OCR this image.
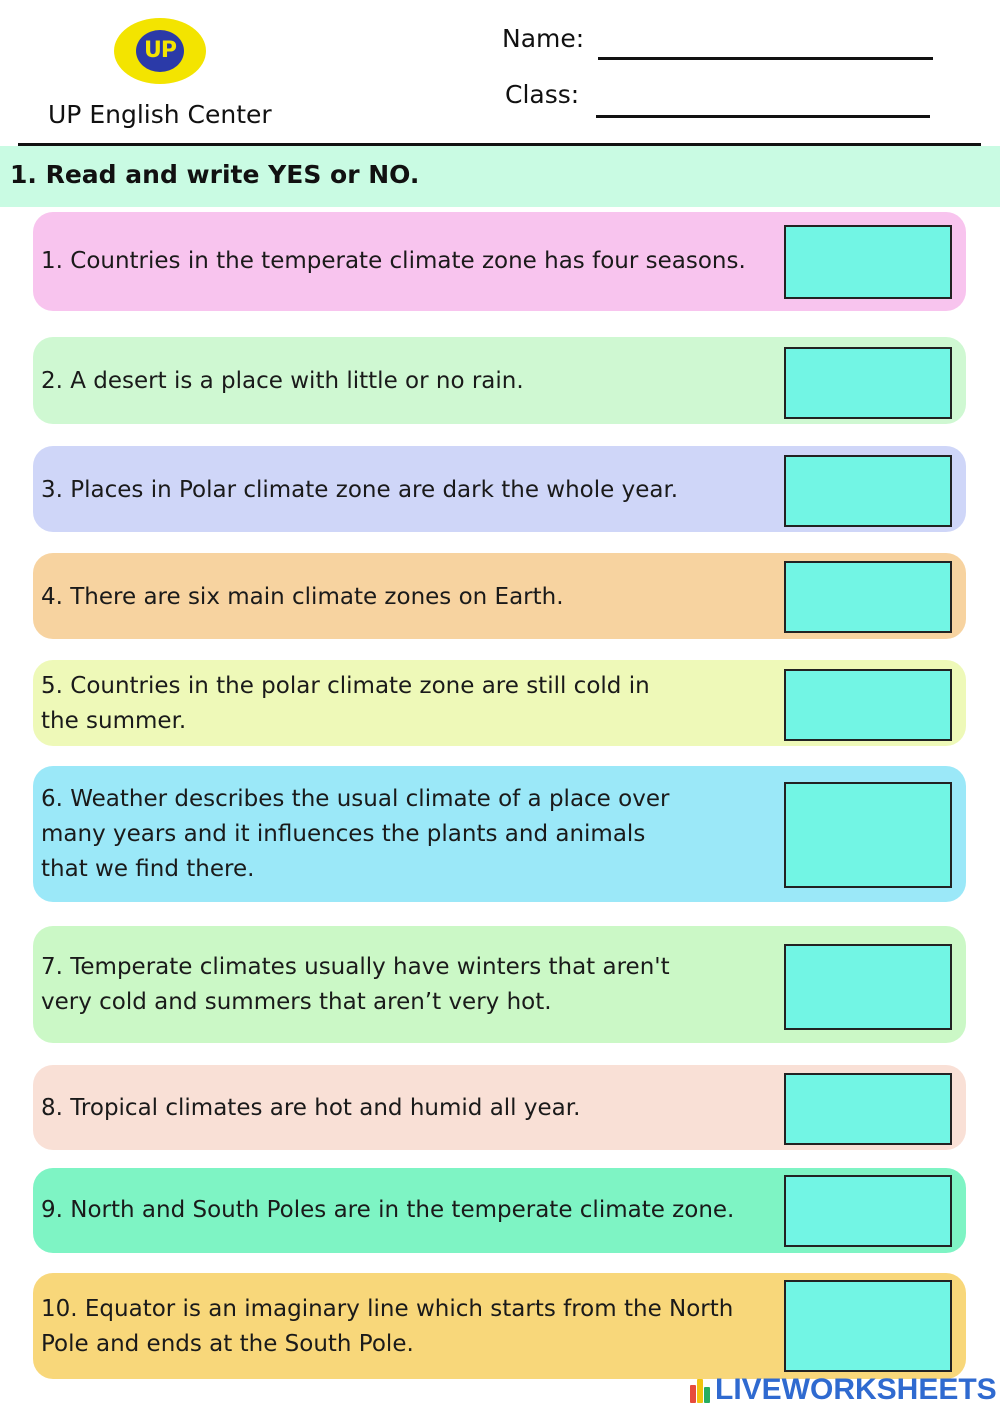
UP
UP English Center
Name:
Class:
1. Read and write YES or NO.
1. Countries in the temperate climate zone has four seasons.
2. A desert is a place with little or no rain.
3. Places in Polar climate zone are dark the whole year.
4. There are six main climate zones on Earth.
5. Countries in the polar climate zone are still cold in
the summer.
6. Weather describes the usual climate of a place over
many years and it influences the plants and animals
that we find there.
7. Temperate climates usually have winters that aren't
very cold and summers that aren’t very hot.
8. Tropical climates are hot and humid all year.
9. North and South Poles are in the temperate climate zone.
10. Equator is an imaginary line which starts from the North
Pole and ends at the South Pole.
LIVEWORKSHEETS
